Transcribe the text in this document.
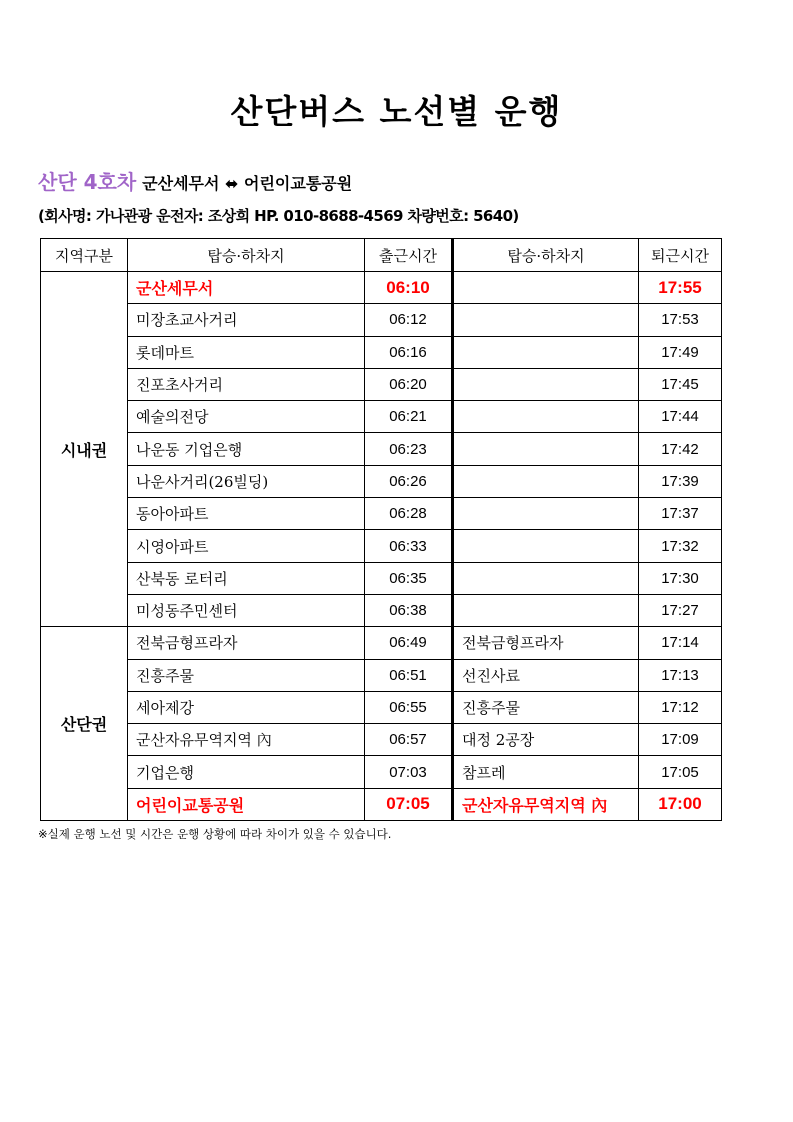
산단버스 노선별 운행
산단 4호차 군산세무서 ⬌ 어린이교통공원
(회사명: 가나관광 운전자: 조상희 HP. 010-8688-4569 차량번호: 5640)
지역구분	탑승·하차지	출근시간	탑승·하차지	퇴근시간
시내권	군산세무서	06:10		17:55
	미장초교사거리	06:12		17:53
	롯데마트	06:16		17:49
	진포초사거리	06:20		17:45
	예술의전당	06:21		17:44
	나운동 기업은행	06:23		17:42
	나운사거리(26빌딩)	06:26		17:39
	동아아파트	06:28		17:37
	시영아파트	06:33		17:32
	산북동 로터리	06:35		17:30
	미성동주민센터	06:38		17:27
산단권	전북금형프라자	06:49	전북금형프라자	17:14
	진흥주물	06:51	선진사료	17:13
	세아제강	06:55	진흥주물	17:12
	군산자유무역지역 內	06:57	대정 2공장	17:09
	기업은행	07:03	참프레	17:05
	어린이교통공원	07:05	군산자유무역지역 內	17:00
※실제 운행 노선 및 시간은 운행 상황에 따라 차이가 있을 수 있습니다.
